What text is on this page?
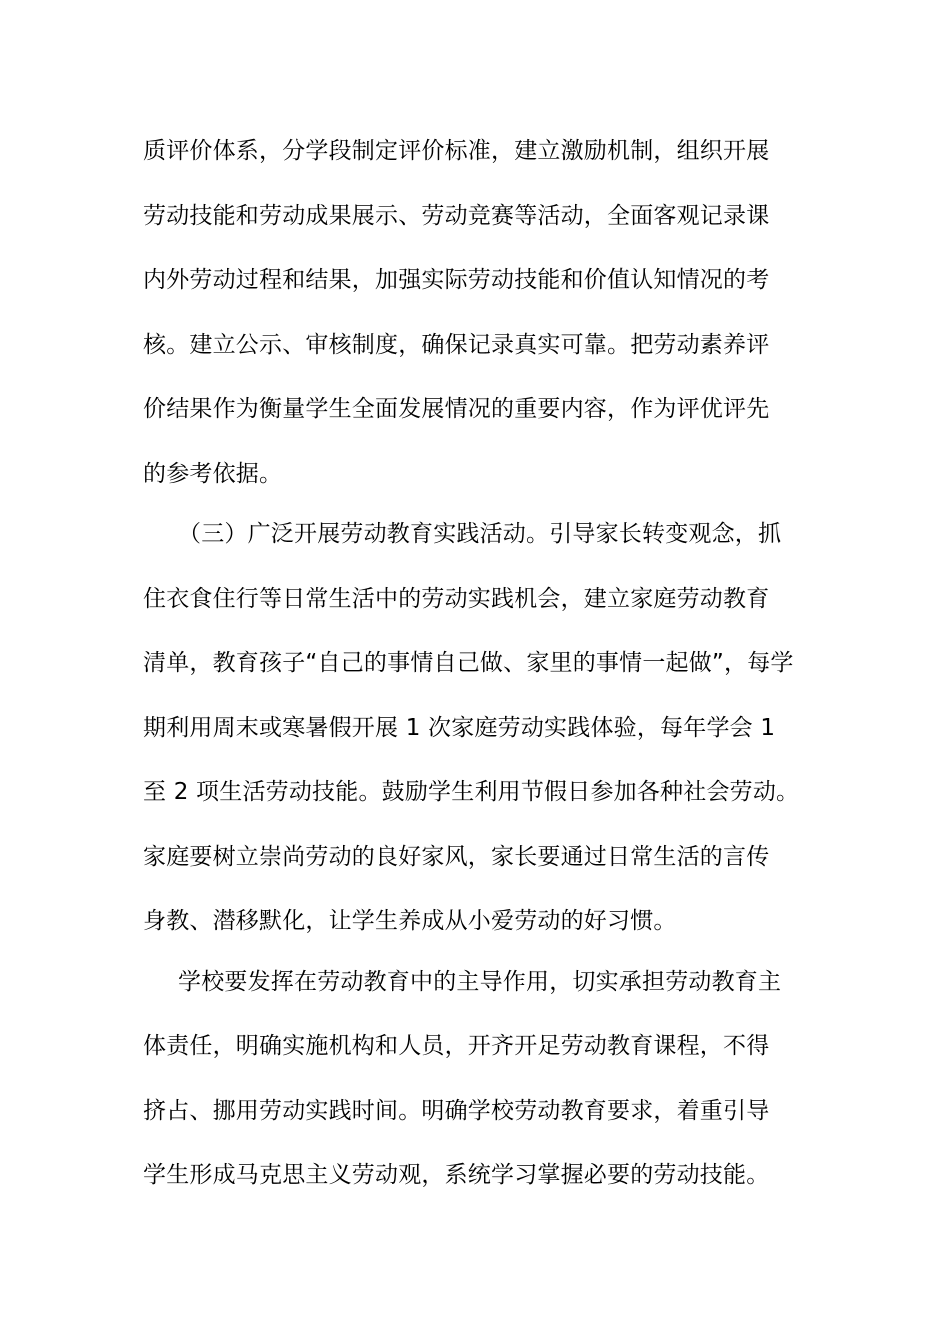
质评价体系，分学段制定评价标准，建立激励机制，组织开展
劳动技能和劳动成果展示、劳动竞赛等活动，全面客观记录课
内外劳动过程和结果，加强实际劳动技能和价值认知情况的考
核。建立公示、审核制度，确保记录真实可靠。把劳动素养评
价结果作为衡量学生全面发展情况的重要内容，作为评优评先
的参考依据。
（三）广泛开展劳动教育实践活动。引导家长转变观念，抓
住衣食住行等日常生活中的劳动实践机会，建立家庭劳动教育
清单，教育孩子“自己的事情自己做、家里的事情一起做”，每学
期利用周末或寒暑假开展 1 次家庭劳动实践体验，每年学会 1
至 2 项生活劳动技能。鼓励学生利用节假日参加各种社会劳动。
家庭要树立崇尚劳动的良好家风，家长要通过日常生活的言传
身教、潜移默化，让学生养成从小爱劳动的好习惯。
学校要发挥在劳动教育中的主导作用，切实承担劳动教育主
体责任，明确实施机构和人员，开齐开足劳动教育课程，不得
挤占、挪用劳动实践时间。明确学校劳动教育要求，着重引导
学生形成马克思主义劳动观，系统学习掌握必要的劳动技能。
